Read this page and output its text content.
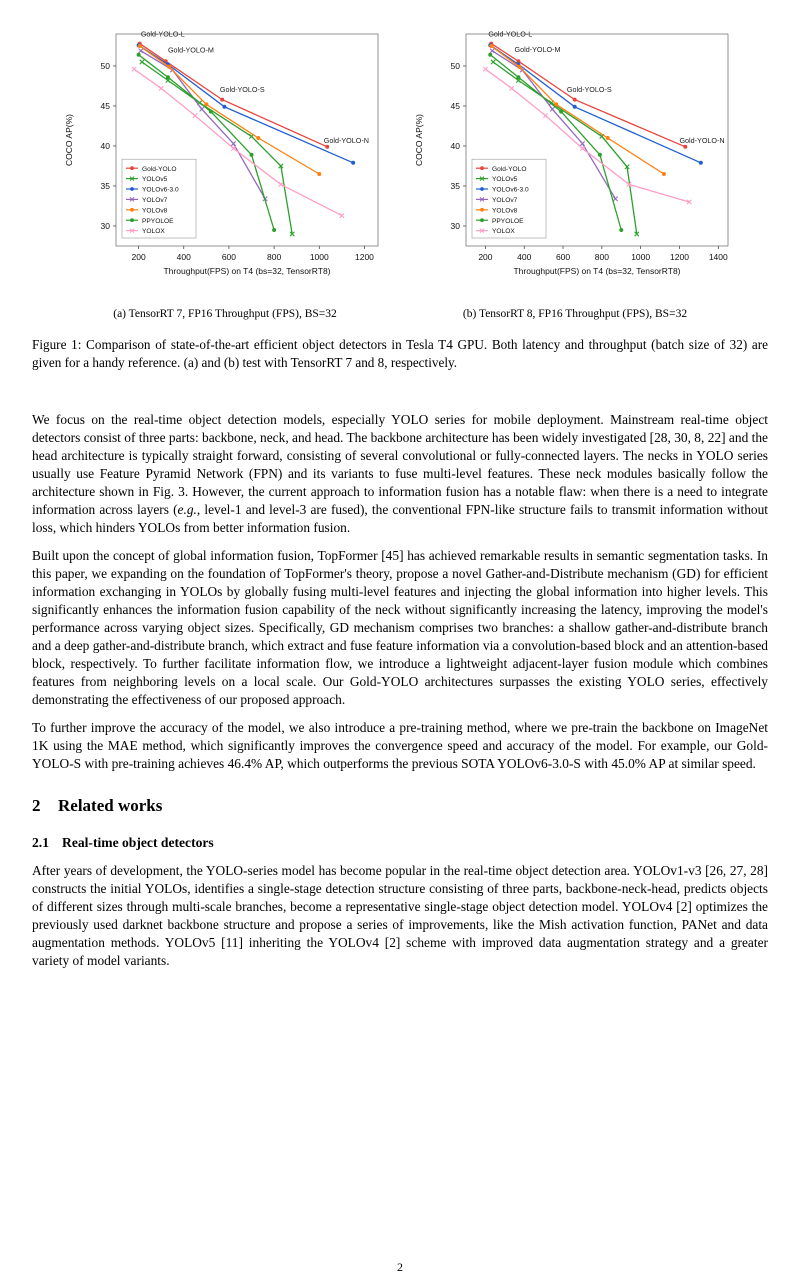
200	400	600	800	1000	1200
30
35
40
45
50
Throughput(FPS) on T4 (bs=32, TensorRT8)
COCO AP(%)
Gold-YOLO-L
Gold-YOLO-M
Gold-YOLO-S
Gold-YOLO-N
Gold-YOLO
YOLOv5
YOLOv6-3.0
YOLOv7
YOLOv8
PPYOLOE
YOLOX
200	400	600	800	1000 1200 1400
30
35
40
45
50
Throughput(FPS) on T4 (bs=32, TensorRT8)
COCO AP(%)
Gold-YOLO-L
Gold-YOLO-M
Gold-YOLO-S
Gold-YOLO-N
Gold-YOLO
YOLOv5
YOLOv6-3.0
YOLOv7
YOLOv8
PPYOLOE
YOLOX
(a) TensorRT 7, FP16 Throughput (FPS), BS=32	(b) TensorRT 8, FP16 Throughput (FPS), BS=32
Figure 1: Comparison of state-of-the-art efficient object detectors in Tesla T4 GPU. Both latency and throughput (batch size of 32) are given for a handy reference. (a) and (b) test with TensorRT 7 and 8, respectively.

We focus on the real-time object detection models, especially YOLO series for mobile deployment. Mainstream real-time object detectors consist of three parts: backbone, neck, and head. The backbone architecture has been widely investigated [28, 30, 8, 22] and the head architecture is typically straight forward, consisting of several convolutional or fully-connected layers. The necks in YOLO series usually use Feature Pyramid Network (FPN) and its variants to fuse multi-level features. These neck modules basically follow the architecture shown in Fig. 3. However, the current approach to information fusion has a notable flaw: when there is a need to integrate information across layers (e.g., level-1 and level-3 are fused), the conventional FPN-like structure fails to transmit information without loss, which hinders YOLOs from better information fusion.

Built upon the concept of global information fusion, TopFormer [45] has achieved remarkable results in semantic segmentation tasks. In this paper, we expanding on the foundation of TopFormer's theory, propose a novel Gather-and-Distribute mechanism (GD) for efficient information exchanging in YOLOs by globally fusing multi-level features and injecting the global information into higher levels. This significantly enhances the information fusion capability of the neck without significantly increasing the latency, improving the model's performance across varying object sizes. Specifically, GD mechanism comprises two branches: a shallow gather-and-distribute branch and a deep gather-and-distribute branch, which extract and fuse feature information via a convolution-based block and an attention-based block, respectively. To further facilitate information flow, we introduce a lightweight adjacent-layer fusion module which combines features from neighboring levels on a local scale. Our Gold-YOLO architectures surpasses the existing YOLO series, effectively demonstrating the effectiveness of our proposed approach.

To further improve the accuracy of the model, we also introduce a pre-training method, where we pre-train the backbone on ImageNet 1K using the MAE method, which significantly improves the convergence speed and accuracy of the model. For example, our Gold-YOLO-S with pre-training achieves 46.4% AP, which outperforms the previous SOTA YOLOv6-3.0-S with 45.0% AP at similar speed.

2 Related works
2.1 Real-time object detectors

After years of development, the YOLO-series model has become popular in the real-time object detection area. YOLOv1-v3 [26, 27, 28] constructs the initial YOLOs, identifies a single-stage detection structure consisting of three parts, backbone-neck-head, predicts objects of different sizes through multi-scale branches, become a representative single-stage object detection model. YOLOv4 [2] optimizes the previously used darknet backbone structure and propose a series of improvements, like the Mish activation function, PANet and data augmentation methods. YOLOv5 [11] inheriting the YOLOv4 [2] scheme with improved data augmentation strategy and a greater variety of model variants.

2
